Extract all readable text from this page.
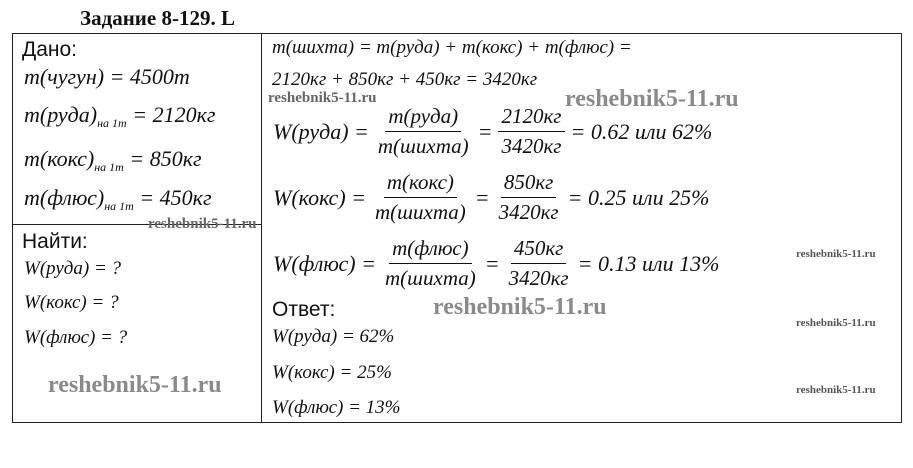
Задание 8-129. L
Дано:
m(чугун) = 4500т
$m(руда)_{на 1т} = 2120кг$
$m(кокс)_{на 1т} = 850кг$
$m(флюс)_{на 1т} = 450кг$
Найти:
W(руда) = ?
W(кокс) = ?
W(флюс) = ?
m(шихта) = m(руда) + m(кокс) + m(флюс) =
2120кг + 850кг + 450кг = 3420кг
W(руда) = $\frac{\text{m(руда)}}{\text{m(шихта)}} = \frac{2120кг}{3420кг} = 0.62$ или 62%
W(кокс) = $\frac{\text{m(кокс)}}{\text{m(шихта)}} = \frac{850кг}{3420кг} = 0.25$ или 25%
W(флюс) = $\frac{\text{m(флюс)}}{\text{m(шихта)}} = \frac{450кг}{3420кг} = 0.13$ или 13%
Ответ:
W(руда) = 62%
W(кокс) = 25%
W(флюс) = 13%
reshebnik5-11.ru	reshebnik5-11.ru
reshebnik5-11.ru
reshebnik5-11.ru
reshebnik5-11.ru
reshebnik5-11.ru
reshebnik5-11.ru	reshebnik5-11.ru
